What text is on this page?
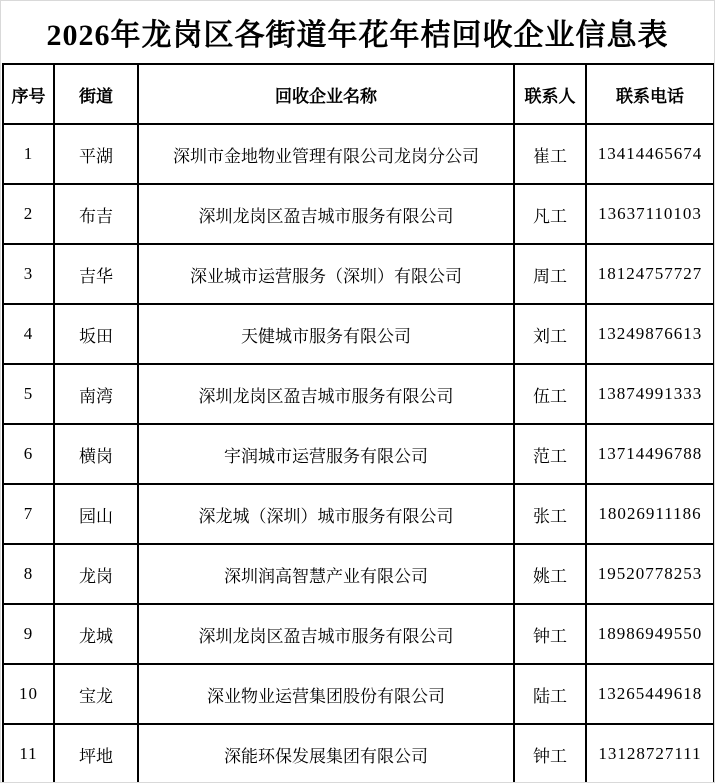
2026年龙岗区各街道年花年桔回收企业信息表
序号	街道	回收企业名称	联系人	联系电话
1	平湖	深圳市金地物业管理有限公司龙岗分公司	崔工	13414465674
2	布吉	深圳龙岗区盈吉城市服务有限公司	凡工	13637110103
3	吉华	深业城市运营服务（深圳）有限公司	周工	18124757727
4	坂田	天健城市服务有限公司	刘工	13249876613
5	南湾	深圳龙岗区盈吉城市服务有限公司	伍工	13874991333
6	横岗	宇润城市运营服务有限公司	范工	13714496788
7	园山	深龙城（深圳）城市服务有限公司	张工	18026911186
8	龙岗	深圳润高智慧产业有限公司	姚工	19520778253
9	龙城	深圳龙岗区盈吉城市服务有限公司	钟工	18986949550
10	宝龙	深业物业运营集团股份有限公司	陆工	13265449618
11	坪地	深能环保发展集团有限公司	钟工	13128727111
